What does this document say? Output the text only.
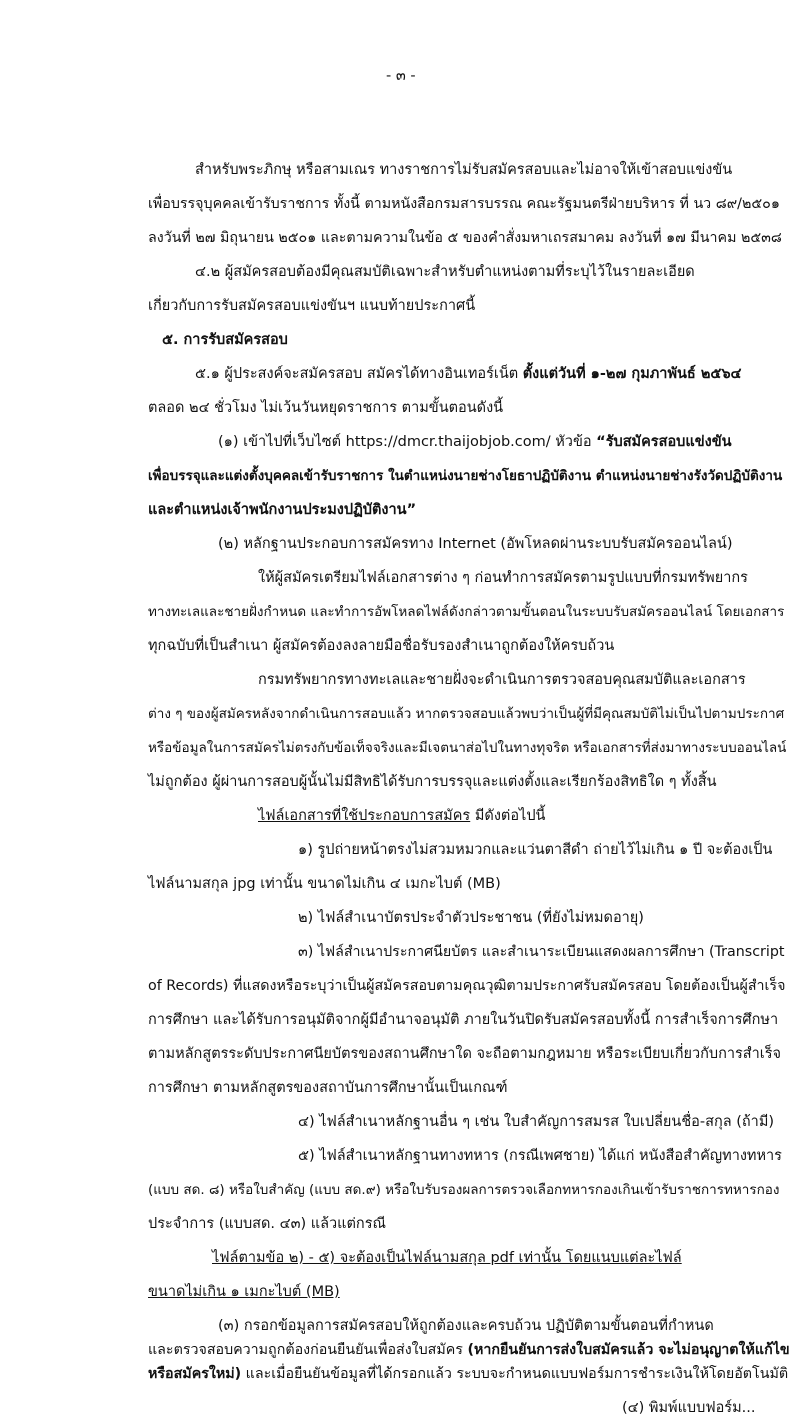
- ๓ -
สำหรับพระภิกษุ หรือสามเณร ทางราชการไม่รับสมัครสอบและไม่อาจให้เข้าสอบแข่งขัน
เพื่อบรรจุบุคคลเข้ารับราชการ ทั้งนี้ ตามหนังสือกรมสารบรรณ คณะรัฐมนตรีฝ่ายบริหาร ที่ นว ๘๙/๒๕๐๑
ลงวันที่ ๒๗ มิถุนายน ๒๕๐๑ และตามความในข้อ ๕ ของคำสั่งมหาเถรสมาคม ลงวันที่ ๑๗ มีนาคม ๒๕๓๘
๔.๒ ผู้สมัครสอบต้องมีคุณสมบัติเฉพาะสำหรับตำแหน่งตามที่ระบุไว้ในรายละเอียด
เกี่ยวกับการรับสมัครสอบแข่งขันฯ แนบท้ายประกาศนี้
๕. การรับสมัครสอบ
๕.๑ ผู้ประสงค์จะสมัครสอบ สมัครได้ทางอินเทอร์เน็ต ตั้งแต่วันที่ ๑-๒๗ กุมภาพันธ์ ๒๕๖๔
ตลอด ๒๔ ชั่วโมง ไม่เว้นวันหยุดราชการ ตามขั้นตอนดังนี้
(๑) เข้าไปที่เว็บไซต์ https://dmcr.thaijobjob.com/ หัวข้อ “รับสมัครสอบแข่งขัน
เพื่อบรรจุและแต่งตั้งบุคคลเข้ารับราชการ ในตำแหน่งนายช่างโยธาปฏิบัติงาน ตำแหน่งนายช่างรังวัดปฏิบัติงาน
และตำแหน่งเจ้าพนักงานประมงปฏิบัติงาน”
(๒) หลักฐานประกอบการสมัครทาง Internet (อัพโหลดผ่านระบบรับสมัครออนไลน์)
ให้ผู้สมัครเตรียมไฟล์เอกสารต่าง ๆ ก่อนทำการสมัครตามรูปแบบที่กรมทรัพยากร
ทางทะเลและชายฝั่งกำหนด และทำการอัพโหลดไฟล์ดังกล่าวตามขั้นตอนในระบบรับสมัครออนไลน์ โดยเอกสาร
ทุกฉบับที่เป็นสำเนา ผู้สมัครต้องลงลายมือชื่อรับรองสำเนาถูกต้องให้ครบถ้วน
กรมทรัพยากรทางทะเลและชายฝั่งจะดำเนินการตรวจสอบคุณสมบัติและเอกสาร
ต่าง ๆ ของผู้สมัครหลังจากดำเนินการสอบแล้ว หากตรวจสอบแล้วพบว่าเป็นผู้ที่มีคุณสมบัติไม่เป็นไปตามประกาศ
หรือข้อมูลในการสมัครไม่ตรงกับข้อเท็จจริงและมีเจตนาส่อไปในทางทุจริต หรือเอกสารที่ส่งมาทางระบบออนไลน์
ไม่ถูกต้อง ผู้ผ่านการสอบผู้นั้นไม่มีสิทธิได้รับการบรรจุและแต่งตั้งและเรียกร้องสิทธิใด ๆ ทั้งสิ้น
ไฟล์เอกสารที่ใช้ประกอบการสมัคร มีดังต่อไปนี้
๑) รูปถ่ายหน้าตรงไม่สวมหมวกและแว่นตาสีดำ ถ่ายไว้ไม่เกิน ๑ ปี จะต้องเป็น
ไฟล์นามสกุล jpg เท่านั้น ขนาดไม่เกิน ๔ เมกะไบต์ (MB)
๒) ไฟล์สำเนาบัตรประจำตัวประชาชน (ที่ยังไม่หมดอายุ)
๓) ไฟล์สำเนาประกาศนียบัตร และสำเนาระเบียนแสดงผลการศึกษา (Transcript
of Records) ที่แสดงหรือระบุว่าเป็นผู้สมัครสอบตามคุณวุฒิตามประกาศรับสมัครสอบ โดยต้องเป็นผู้สำเร็จ
การศึกษา และได้รับการอนุมัติจากผู้มีอำนาจอนุมัติ ภายในวันปิดรับสมัครสอบทั้งนี้ การสำเร็จการศึกษา
ตามหลักสูตรระดับประกาศนียบัตรของสถานศึกษาใด จะถือตามกฎหมาย หรือระเบียบเกี่ยวกับการสำเร็จ
การศึกษา ตามหลักสูตรของสถาบันการศึกษานั้นเป็นเกณฑ์
๔) ไฟล์สำเนาหลักฐานอื่น ๆ เช่น ใบสำคัญการสมรส ใบเปลี่ยนชื่อ-สกุล (ถ้ามี)
๕) ไฟล์สำเนาหลักฐานทางทหาร (กรณีเพศชาย) ได้แก่ หนังสือสำคัญทางทหาร
(แบบ สด. ๘) หรือใบสำคัญ (แบบ สด.๙) หรือใบรับรองผลการตรวจเลือกทหารกองเกินเข้ารับราชการทหารกอง
ประจำการ (แบบสด. ๔๓) แล้วแต่กรณี
ไฟล์ตามข้อ ๒) - ๕) จะต้องเป็นไฟล์นามสกุล pdf เท่านั้น โดยแนบแต่ละไฟล์
ขนาดไม่เกิน ๑ เมกะไบต์ (MB)
(๓) กรอกข้อมูลการสมัครสอบให้ถูกต้องและครบถ้วน ปฏิบัติตามขั้นตอนที่กำหนด
และตรวจสอบความถูกต้องก่อนยืนยันเพื่อส่งใบสมัคร (หากยืนยันการส่งใบสมัครแล้ว จะไม่อนุญาตให้แก้ไข
หรือสมัครใหม่) และเมื่อยืนยันข้อมูลที่ได้กรอกแล้ว ระบบจะกำหนดแบบฟอร์มการชำระเงินให้โดยอัตโนมัติ
(๔) พิมพ์แบบฟอร์ม...
